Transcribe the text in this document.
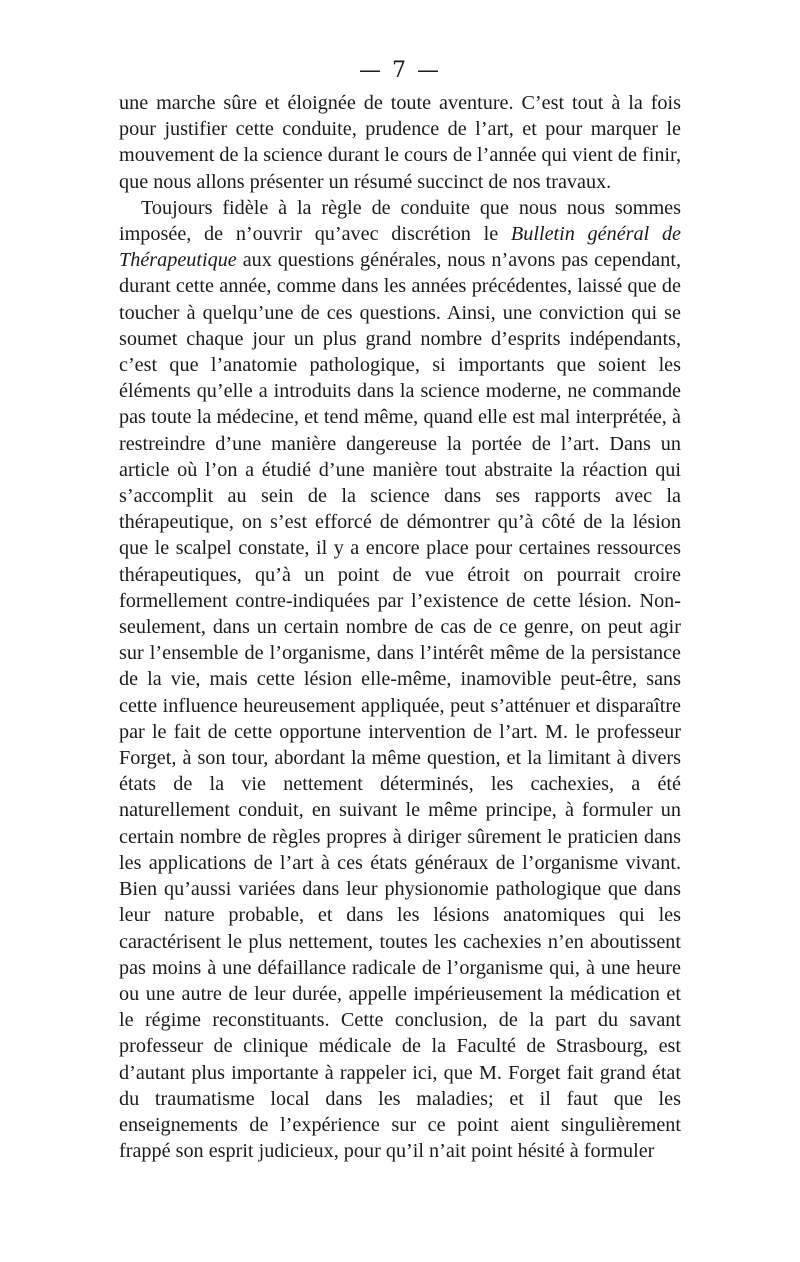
— 7 —

une marche sûre et éloignée de toute aventure. C’est tout à la fois pour justifier cette conduite, prudence de l’art, et pour marquer le mouvement de la science durant le cours de l’année qui vient de finir, que nous allons présenter un résumé succinct de nos travaux.

Toujours fidèle à la règle de conduite que nous nous sommes imposée, de n’ouvrir qu’avec discrétion le Bulletin général de Thérapeutique aux questions générales, nous n’avons pas cependant, durant cette année, comme dans les années précédentes, laissé que de toucher à quelqu’une de ces questions. Ainsi, une conviction qui se soumet chaque jour un plus grand nombre d’esprits indépendants, c’est que l’anatomie pathologique, si importants que soient les éléments qu’elle a introduits dans la science moderne, ne commande pas toute la médecine, et tend même, quand elle est mal interprétée, à restreindre d’une manière dangereuse la portée de l’art. Dans un article où l’on a étudié d’une manière tout abstraite la réaction qui s’accomplit au sein de la science dans ses rapports avec la thérapeutique, on s’est efforcé de démontrer qu’à côté de la lésion que le scalpel constate, il y a encore place pour certaines ressources thérapeutiques, qu’à un point de vue étroit on pourrait croire formellement contre-indiquées par l’existence de cette lésion. Non-seulement, dans un certain nombre de cas de ce genre, on peut agir sur l’ensemble de l’organisme, dans l’intérêt même de la persistance de la vie, mais cette lésion elle-même, inamovible peut-être, sans cette influence heureusement appliquée, peut s’atténuer et disparaître par le fait de cette opportune intervention de l’art. M. le professeur Forget, à son tour, abordant la même question, et la limitant à divers états de la vie nettement déterminés, les cachexies, a été naturellement conduit, en suivant le même principe, à formuler un certain nombre de règles propres à diriger sûrement le praticien dans les applications de l’art à ces états généraux de l’organisme vivant. Bien qu’aussi variées dans leur physionomie pathologique que dans leur nature probable, et dans les lésions anatomiques qui les caractérisent le plus nettement, toutes les cachexies n’en aboutissent pas moins à une défaillance radicale de l’organisme qui, à une heure ou une autre de leur durée, appelle impérieusement la médication et le régime reconstituants. Cette conclusion, de la part du savant professeur de clinique médicale de la Faculté de Strasbourg, est d’autant plus importante à rappeler ici, que M. Forget fait grand état du traumatisme local dans les maladies; et il faut que les enseignements de l’expérience sur ce point aient singulièrement frappé son esprit judicieux, pour qu’il n’ait point hésité à formuler
